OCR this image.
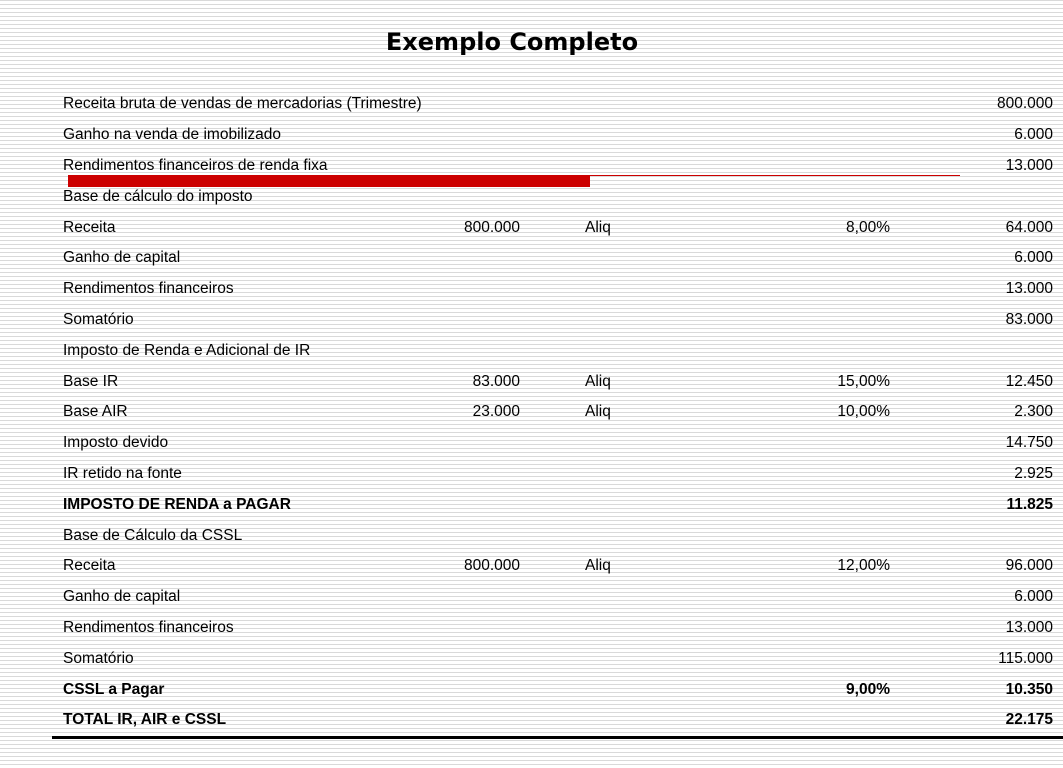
Exemplo Completo
Receita bruta de vendas de mercadorias (Trimestre)				800.000
Ganho na venda de imobilizado				6.000
Rendimentos financeiros de renda fixa				13.000
Base de cálculo do imposto				
Receita	800.000	Aliq	8,00%	64.000
Ganho de capital				6.000
Rendimentos financeiros				13.000
Somatório				83.000
Imposto de Renda e Adicional de IR				
Base IR	83.000	Aliq	15,00%	12.450
Base AIR	23.000	Aliq	10,00%	2.300
Imposto devido				14.750
IR retido na fonte				2.925
IMPOSTO DE RENDA a PAGAR				11.825
Base de Cálculo da CSSL				
Receita	800.000	Aliq	12,00%	96.000
Ganho de capital				6.000
Rendimentos financeiros				13.000
Somatório				115.000
CSSL a Pagar			9,00%	10.350
TOTAL IR, AIR e CSSL				22.175
